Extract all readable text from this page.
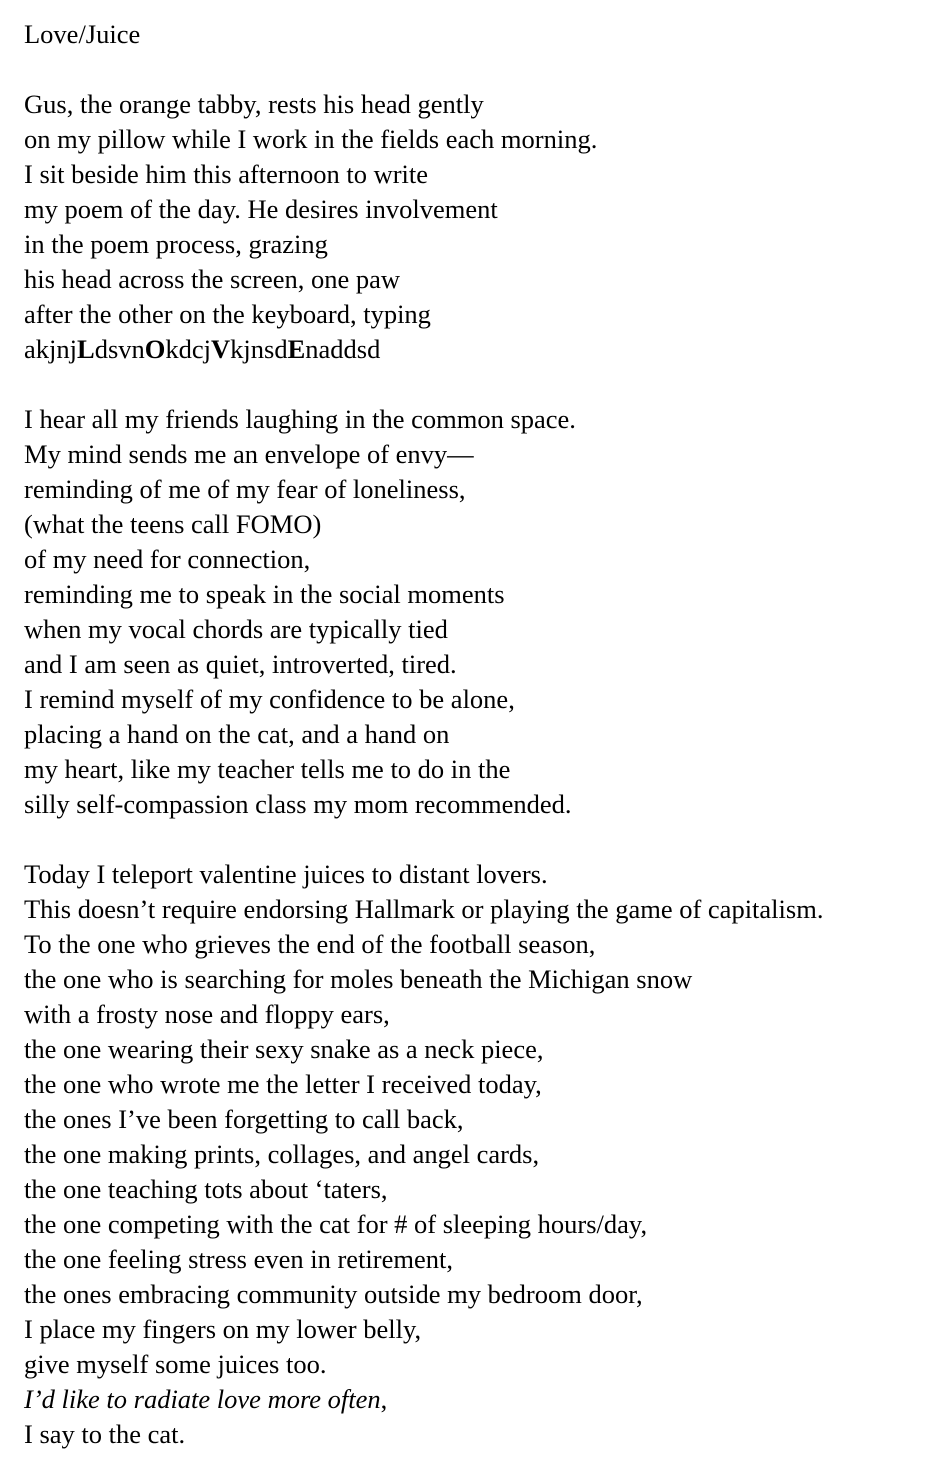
Love/Juice
Gus, the orange tabby, rests his head gently
on my pillow while I work in the fields each morning.
I sit beside him this afternoon to write
my poem of the day. He desires involvement
in the poem process, grazing
his head across the screen, one paw
after the other on the keyboard, typing
akjnjLdsvnOkdcjVkjnsdEnaddsd
I hear all my friends laughing in the common space.
My mind sends me an envelope of envy—
reminding of me of my fear of loneliness,
(what the teens call FOMO)
of my need for connection,
reminding me to speak in the social moments
when my vocal chords are typically tied
and I am seen as quiet, introverted, tired.
I remind myself of my confidence to be alone,
placing a hand on the cat, and a hand on
my heart, like my teacher tells me to do in the
silly self-compassion class my mom recommended.
Today I teleport valentine juices to distant lovers.
This doesn’t require endorsing Hallmark or playing the game of capitalism.
To the one who grieves the end of the football season,
the one who is searching for moles beneath the Michigan snow
with a frosty nose and floppy ears,
the one wearing their sexy snake as a neck piece,
the one who wrote me the letter I received today,
the ones I’ve been forgetting to call back,
the one making prints, collages, and angel cards,
the one teaching tots about ‘taters,
the one competing with the cat for # of sleeping hours/day,
the one feeling stress even in retirement,
the ones embracing community outside my bedroom door,
I place my fingers on my lower belly,
give myself some juices too.
I’d like to radiate love more often,
I say to the cat.
